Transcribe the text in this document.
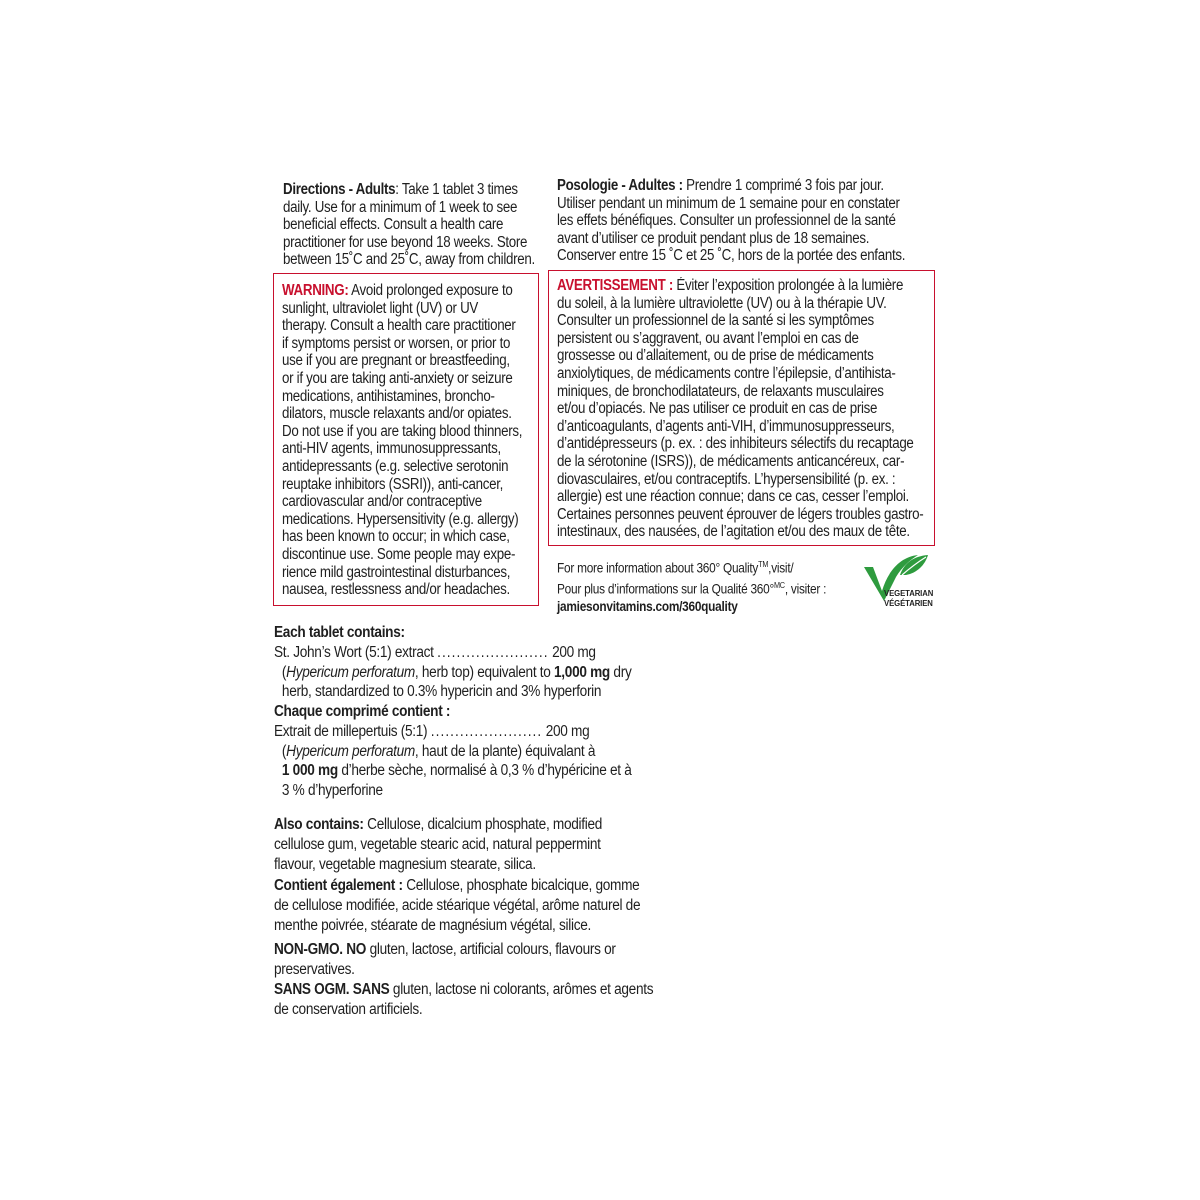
Directions - Adults: Take 1 tablet 3 times
daily. Use for a minimum of 1 week to see
beneficial effects. Consult a health care
practitioner for use beyond 18 weeks. Store
between 15˚C and 25˚C, away from children.
Posologie - Adultes : Prendre 1 comprimé 3 fois par jour.
Utiliser pendant un minimum de 1 semaine pour en constater
les effets bénéfiques. Consulter un professionnel de la santé
avant d’utiliser ce produit pendant plus de 18 semaines.
Conserver entre 15 ˚C et 25 ˚C, hors de la portée des enfants.
WARNING: Avoid prolonged exposure to
sunlight, ultraviolet light (UV) or UV
therapy. Consult a health care practitioner
if symptoms persist or worsen, or prior to
use if you are pregnant or breastfeeding,
or if you are taking anti-anxiety or seizure
medications, antihistamines, broncho-
dilators, muscle relaxants and/or opiates.
Do not use if you are taking blood thinners,
anti-HIV agents, immunosuppressants,
antidepressants (e.g. selective serotonin
reuptake inhibitors (SSRI)), anti-cancer,
cardiovascular and/or contraceptive
medications. Hypersensitivity (e.g. allergy)
has been known to occur; in which case,
discontinue use. Some people may expe-
rience mild gastrointestinal disturbances,
nausea, restlessness and/or headaches.
AVERTISSEMENT : Éviter l’exposition prolongée à la lumière
du soleil, à la lumière ultraviolette (UV) ou à la thérapie UV.
Consulter un professionnel de la santé si les symptômes
persistent ou s’aggravent, ou avant l’emploi en cas de
grossesse ou d’allaitement, ou de prise de médicaments
anxiolytiques, de médicaments contre l’épilepsie, d’antihista-
miniques, de bronchodilatateurs, de relaxants musculaires
et/ou d’opiacés. Ne pas utiliser ce produit en cas de prise
d’anticoagulants, d’agents anti-VIH, d’immunosuppresseurs,
d’antidépresseurs (p. ex. : des inhibiteurs sélectifs du recaptage
de la sérotonine (ISRS)), de médicaments anticancéreux, car-
diovasculaires, et/ou contraceptifs. L’hypersensibilité (p. ex. :
allergie) est une réaction connue; dans ce cas, cesser l’emploi.
Certaines personnes peuvent éprouver de légers troubles gastro-
intestinaux, des nausées, de l’agitation et/ou des maux de tête.
For more information about 360° Quality™,visit/
Pour plus d’informations sur la Qualité 360°$^{MC}$, visiter :
jamiesonvitamins.com/360quality
VEGETARIAN
VÉGÉTARIEN
Each tablet contains:
St. John’s Wort (5:1) extract ....................... 200 mg
(Hypericum perforatum, herb top) equivalent to 1,000 mg dry
herb, standardized to 0.3% hypericin and 3% hyperforin
Chaque comprimé contient :
Extrait de millepertuis (5:1) ....................... 200 mg
(Hypericum perforatum, haut de la plante) équivalant à
1 000 mg d’herbe sèche, normalisé à 0,3 % d’hypéricine et à
3 % d’hyperforine
Also contains: Cellulose, dicalcium phosphate, modified
cellulose gum, vegetable stearic acid, natural peppermint
flavour, vegetable magnesium stearate, silica.
Contient également : Cellulose, phosphate bicalcique, gomme
de cellulose modifiée, acide stéarique végétal, arôme naturel de
menthe poivrée, stéarate de magnésium végétal, silice.
NON-GMO. NO gluten, lactose, artificial colours, flavours or
preservatives.
SANS OGM. SANS gluten, lactose ni colorants, arômes et agents
de conservation artificiels.
